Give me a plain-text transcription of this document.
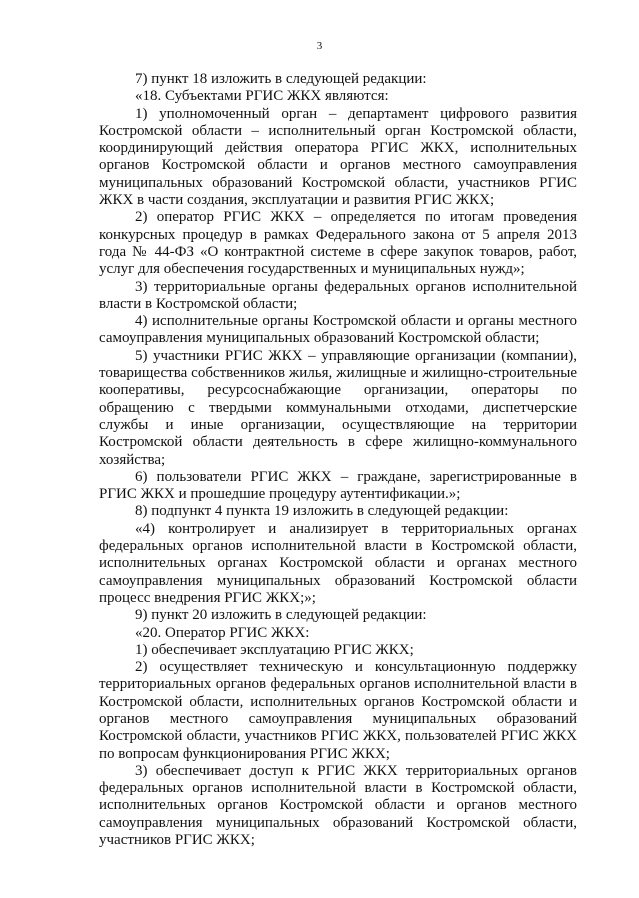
3

7) пункт 18 изложить в следующей редакции:

«18. Субъектами РГИС ЖКХ являются:

1) уполномоченный орган – департамент цифрового развития Костромской области – исполнительный орган Костромской области, координирующий действия оператора РГИС ЖКХ, исполнительных органов Костромской области и органов местного самоуправления муниципальных образований Костромской области, участников РГИС ЖКХ в части создания, эксплуатации и развития РГИС ЖКХ;

2) оператор РГИС ЖКХ – определяется по итогам проведения конкурсных процедур в рамках Федерального закона от 5 апреля 2013 года № 44-ФЗ «О контрактной системе в сфере закупок товаров, работ, услуг для обеспечения государственных и муниципальных нужд»;

3) территориальные органы федеральных органов исполнительной власти в Костромской области;

4) исполнительные органы Костромской области и органы местного самоуправления муниципальных образований Костромской области;

5) участники РГИС ЖКХ – управляющие организации (компании), товарищества собственников жилья, жилищные и жилищно-строительные кооперативы, ресурсоснабжающие организации, операторы по обращению с твердыми коммунальными отходами, диспетчерские службы и иные организации, осуществляющие на территории Костромской области деятельность в сфере жилищно-коммунального хозяйства;

6) пользователи РГИС ЖКХ – граждане, зарегистрированные в РГИС ЖКХ и прошедшие процедуру аутентификации.»;

8) подпункт 4 пункта 19 изложить в следующей редакции:

«4) контролирует и анализирует в территориальных органах федеральных органов исполнительной власти в Костромской области, исполнительных органах Костромской области и органах местного самоуправления муниципальных образований Костромской области процесс внедрения РГИС ЖКХ;»;

9) пункт 20 изложить в следующей редакции:

«20. Оператор РГИС ЖКХ:

1) обеспечивает эксплуатацию РГИС ЖКХ;

2) осуществляет техническую и консультационную поддержку территориальных органов федеральных органов исполнительной власти в Костромской области, исполнительных органов Костромской области и органов местного самоуправления муниципальных образований Костромской области, участников РГИС ЖКХ, пользователей РГИС ЖКХ по вопросам функционирования РГИС ЖКХ;

3) обеспечивает доступ к РГИС ЖКХ территориальных органов федеральных органов исполнительной власти в Костромской области, исполнительных органов Костромской области и органов местного самоуправления муниципальных образований Костромской области, участников РГИС ЖКХ;
